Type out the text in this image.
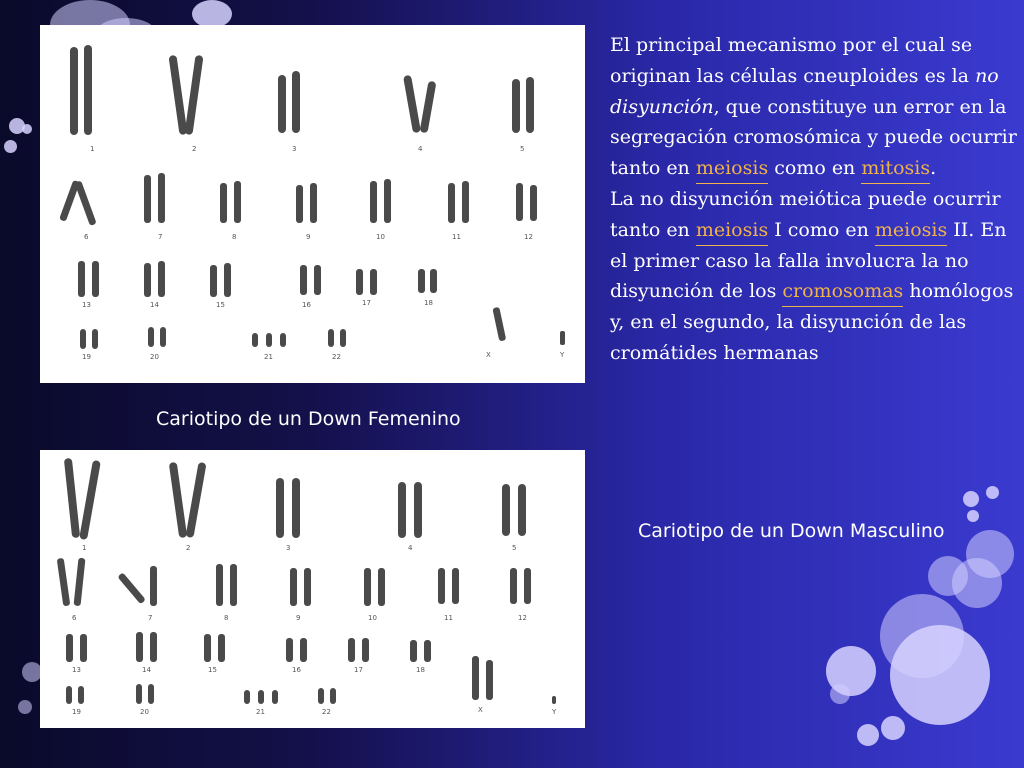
1	2	3	4	5
6	7	8	9	10	11	12
13	14	15	16	17	18
19	20	21	22	X	Y
Cariotipo de un Down Femenino
1	2	3	4	5
6	7	8	9	10	11	12
13	14	15	16	17	18
19	20	21	22	X	Y
Cariotipo de un Down Masculino

El principal mecanismo por el cual se originan las células cneuploides es la no disyunción, que constituye un error en la segregación cromosómica y puede ocurrir tanto en meiosis como en mitosis.

La no disyunción meiótica puede ocurrir tanto en meiosis I como en meiosis II. En el primer caso la falla involucra la no disyunción de los cromosomas homólogos y, en el segundo, la disyunción de las cromátides hermanas
